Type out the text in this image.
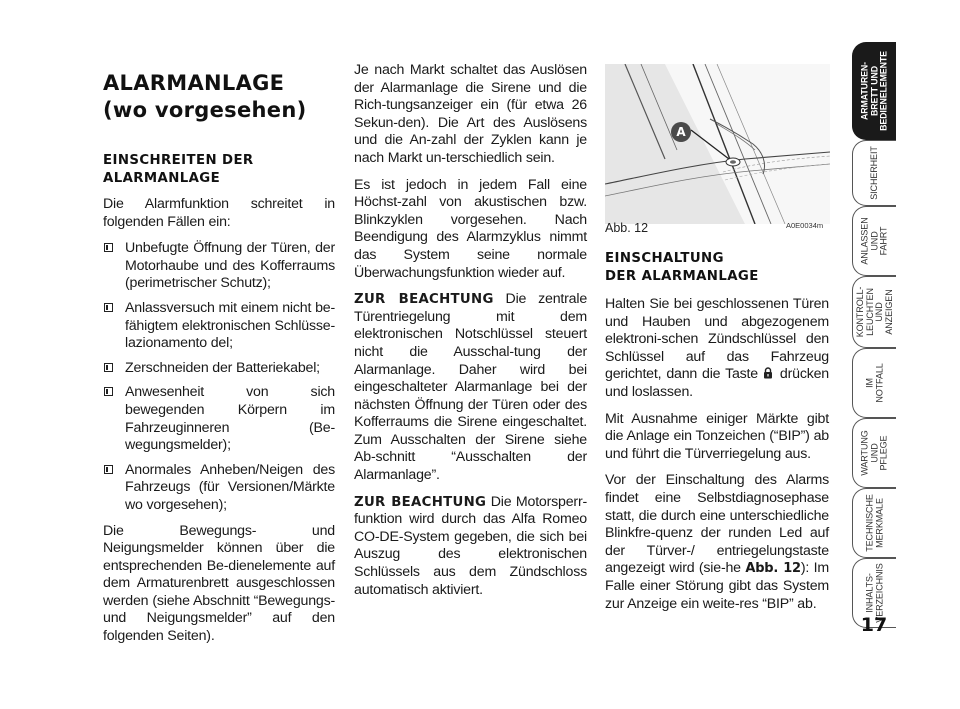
ALARMANLAGE
(wo vorgesehen)
EINSCHREITEN DER ALARMANLAGE

Die Alarmfunktion schreitet in folgenden Fällen ein:

Unbefugte Öffnung der Türen, der Motorhaube und des Kofferraums (perimetrischer Schutz);
Anlassversuch mit einem nicht be-fähigtem elektronischen Schlüsse-lazionamento del;
Zerschneiden der Batteriekabel;
Anwesenheit von sich bewegenden Körpern im Fahrzeuginneren (Be-wegungsmelder);
Anormales Anheben/Neigen des Fahrzeugs (für Versionen/Märkte wo vorgesehen);

Die Bewegungs- und Neigungsmelder können über die entsprechenden Be-dienelemente auf dem Armaturenbrett ausgeschlossen werden (siehe Abschnitt “Bewegungs- und Neigungsmelder” auf den folgenden Seiten).

Je nach Markt schaltet das Auslösen der Alarmanlage die Sirene und die Rich-tungsanzeiger ein (für etwa 26 Sekun-den). Die Art des Auslösens und die An-zahl der Zyklen kann je nach Markt un-terschiedlich sein.

Es ist jedoch in jedem Fall eine Höchst-zahl von akustischen bzw. Blinkzyklen vorgesehen. Nach Beendigung des Alarmzyklus nimmt das System seine normale Überwachungsfunktion wieder auf.

ZUR BEACHTUNG Die zentrale Türentriegelung mit dem elektronischen Notschlüssel steuert nicht die Ausschal-tung der Alarmanlage. Daher wird bei eingeschalteter Alarmanlage bei der nächsten Öffnung der Türen oder des Kofferraums die Sirene eingeschaltet. Zum Ausschalten der Sirene siehe Ab-schnitt “Ausschalten der Alarmanlage”.

ZUR BEACHTUNG Die Motorsperr-funktion wird durch das Alfa Romeo CO-DE-System gegeben, die sich bei Auszug des elektronischen Schlüssels aus dem Zündschloss automatisch aktiviert.

A
Abb. 12	A0E0034m
EINSCHALTUNG
DER ALARMANLAGE

Halten Sie bei geschlossenen Türen und Hauben und abgezogenem elektroni-schen Zündschlüssel den Schlüssel auf das Fahrzeug gerichtet, dann die Taste  drücken und loslassen.

Mit Ausnahme einiger Märkte gibt die Anlage ein Tonzeichen (“BIP”) ab und führt die Türverriegelung aus.

Vor der Einschaltung des Alarms findet eine Selbstdiagnosephase statt, die durch eine unterschiedliche Blinkfre-quenz der runden Led auf der Türver-/ entriegelungstaste angezeigt wird (sie-he Abb. 12): Im Falle einer Störung gibt das System zur Anzeige ein weite-res “BIP” ab.

ARMATUREN-
BRETT UND
BEDIENELEMENTE
SICHERHEIT
ANLASSEN
UND FAHRT
KONTROLL-
LEUCHTEN
UND ANZEIGEN
IM NOTFALL
WARTUNG
UND PFLEGE
TECHNISCHE
MERKMALE
INHALTS-
VERZEICHNIS
17
